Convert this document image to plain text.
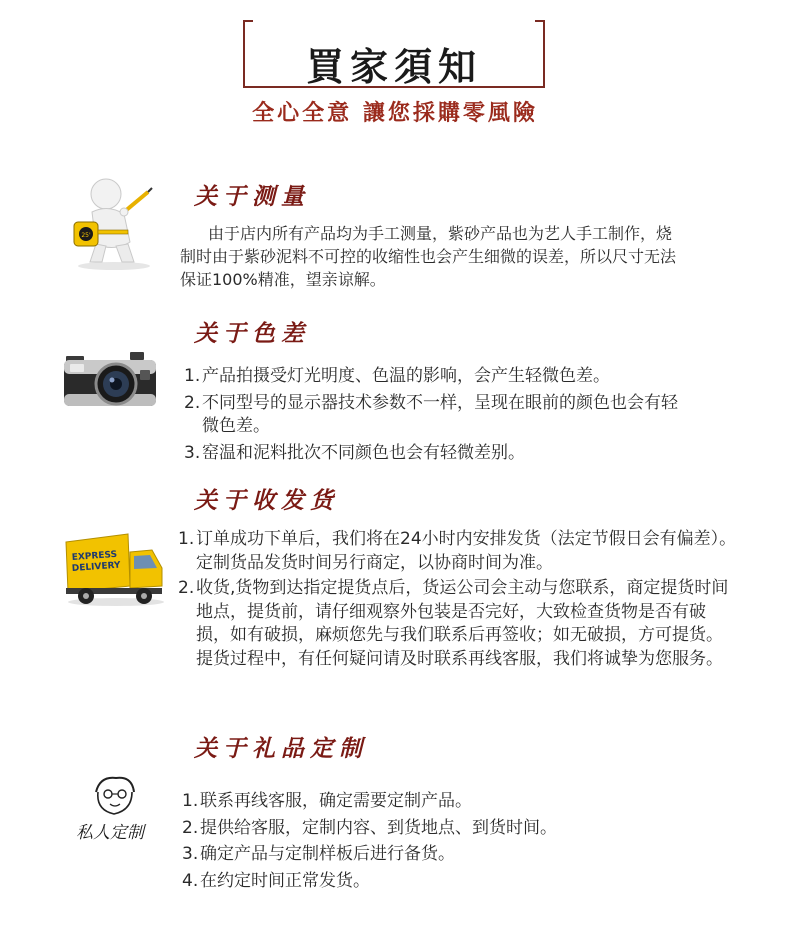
買家須知
全心全意 讓您採購零風險
25'
关于测量
由于店内所有产品均为手工测量，紫砂产品也为艺人手工制作，烧制时由于紫砂泥料不可控的收缩性也会产生细微的误差，所以尺寸无法保证100%精准，望亲谅解。
关于色差
1. 产品拍摄受灯光明度、色温的影响，会产生轻微色差。
2. 不同型号的显示器技术参数不一样，呈现在眼前的颜色也会有轻微色差。
3. 窑温和泥料批次不同颜色也会有轻微差别。
EXPRESS
DELIVERY
关于收发货
1. 订单成功下单后，我们将在24小时内安排发货（法定节假日会有偏差）。定制货品发货时间另行商定，以协商时间为准。
2. 收货,货物到达指定提货点后，货运公司会主动与您联系，商定提货时间地点，提货前，请仔细观察外包装是否完好，大致检查货物是否有破损，如有破损，麻烦您先与我们联系后再签收；如无破损，方可提货。提货过程中，有任何疑问请及时联系再线客服，我们将诚挚为您服务。
私人定制
关于礼品定制
1. 联系再线客服，确定需要定制产品。
2. 提供给客服，定制内容、到货地点、到货时间。
3. 确定产品与定制样板后进行备货。
4. 在约定时间正常发货。
